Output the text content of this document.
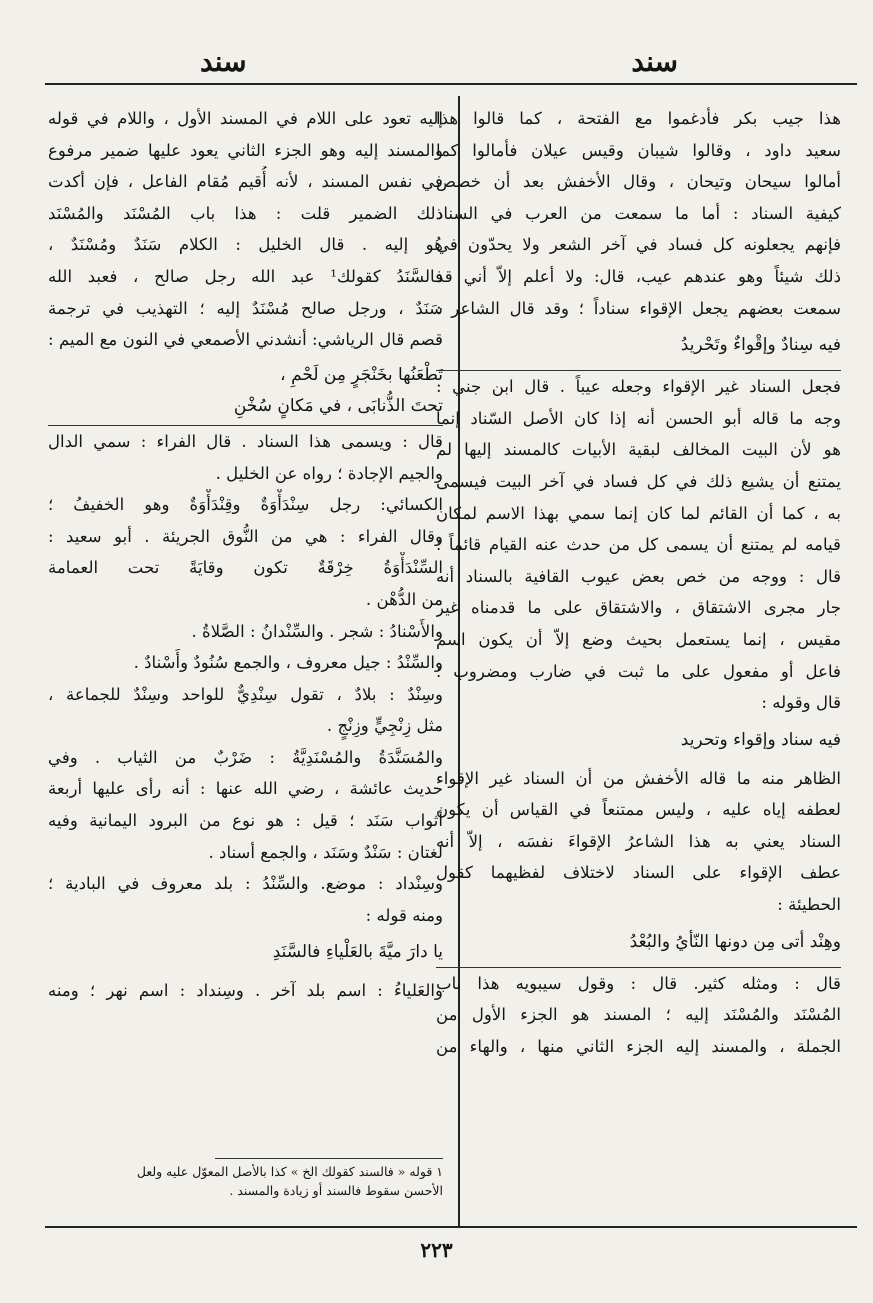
سند
سند
هذا جيب بكر فأدغموا مع الفتحة ، كما قالوا هذا
سعيد داود ، وقالوا شيبان وقيس عيلان فأمالوا كما
أمالوا سيحان وتيحان ، وقال الأخفش بعد أن خصص
كيفية السناد : أما ما سمعت من العرب في السناد
فإنهم يجعلونه كل فساد في آخر الشعر ولا يحدّون في
ذلك شيئاً وهو عندهم عيب، قال: ولا أعلم إلاّ أني قد
سمعت بعضهم يجعل الإقواء سناداً ؛ وقد قال الشاعر :
فيه سِنادٌ وإقْواءٌ وتَحْريدُ
فجعل السناد غير الإقواء وجعله عيباً . قال ابن جني :
وجه ما قاله أبو الحسن أنه إذا كان الأصل السّناد إنما
هو لأن البيت المخالف لبقية الأبيات كالمسند إليها لم
يمتنع أن يشيع ذلك في كل فساد في آخر البيت فيسمى
به ، كما أن القائم لما كان إنما سمي بهذا الاسم لمكان
قيامه لم يمتنع أن يسمى كل من حدث عنه القيام قائماً ؛
قال : ووجه من خص بعض عيوب القافية بالسناد أنه
جار مجرى الاشتقاق ، والاشتقاق على ما قدمناه غير
مقيس ، إنما يستعمل بحيث وضع إلاّ أن يكون اسم
فاعل أو مفعول على ما ثبت في ضارب ومضروب ؛
قال وقوله :
فيه سناد وإقواء وتحريد
الظاهر منه ما قاله الأخفش من أن السناد غير الإقواء
لعطفه إياه عليه ، وليس ممتنعاً في القياس أن يكون
السناد يعني به هذا الشاعرُ الإقواءَ نفسَه ، إلاّ أنه
عطف الإقواء على السناد لاختلاف لفظيهما كقول
الحطيئة :
وهِنْد أتى مِن دونها النّأيُ والبُعْدُ
قال : ومثله كثير. قال : وقول سيبويه هذا باب
المُسْنَد والمُسْنَد إليه ؛ المسند هو الجزء الأول من
الجملة ، والمسند إليه الجزء الثاني منها ، والهاء من
إليه تعود على اللام في المسند الأول ، واللام في قوله
والمسند إليه وهو الجزء الثاني يعود عليها ضمير مرفوع
في نفس المسند ، لأنه أُقيم مُقام الفاعل ، فإن أكدت
ذلك الضمير قلت : هذا باب المُسْنَد والمُسْنَد
هُو إليه . قال الخليل : الكلام سَنَدٌ ومُسْنَدٌ ،
فالسَّنَدُ كقولك¹ عبد الله رجل صالح ، فعبد الله
سَنَدٌ ، ورجل صالح مُسْنَدٌ إليه ؛ التهذيب في ترجمة
قصم قال الرياشي: أنشدني الأصمعي في النون مع الميم :
تَطْعَنُها بخَنْجَرٍ مِن لَحْمِ ،
تحتَ الذُّنابَى ، في مَكانٍ سُخْنِ
قال : ويسمى هذا السناد . قال الفراء : سمي الدال
والجيم الإجادة ؛ رواه عن الخليل .
الكسائي: رجل سِنْدَأْوَةٌ وقِنْدَأْوَةٌ وهو الخفيفُ ؛
وقال الفراء : هي من النُّوق الجريئة . أبو سعيد :
السِّنْدَأْوَةُ خِرْقَةٌ تكون وقايَةً تحت العمامة
من الدُّهْن .
والأَسْنادُ : شجر . والسِّنْدانُ : الصَّلاةُ .
والسِّنْدُ : جيل معروف ، والجمع سُنُودٌ وأَسْنادٌ .
وسِنْدٌ : بلادٌ ، تقول سِنْدِيٌّ للواحد وسِنْدٌ للجماعة ،
مثل زِنْجِيٍّ وزِنْجٍ .
والمُسَنَّدَةُ والمُسْنَدِيَّةُ : ضَرْبٌ من الثياب . وفي
حديث عائشة ، رضي الله عنها : أنه رأى عليها أربعة
أثواب سَنَد ؛ قيل : هو نوع من البرود اليمانية وفيه
لغتان : سَنْدٌ وسَنَد ، والجمع أسناد .
وسِنْداد : موضع. والسِّنْدُ : بلد معروف في البادية ؛
ومنه قوله :
يا دارَ ميَّةَ بالعَلْياءِ فالسَّنَدِ
والعَلياءُ : اسم بلد آخر . وسِنداد : اسم نهر ؛ ومنه
١ قوله « فالسند كقولك الخ » كذا بالأصل المعوّل عليه ولعل
الأحسن سقوط فالسند أو زيادة والمسند .
٢٢٣
